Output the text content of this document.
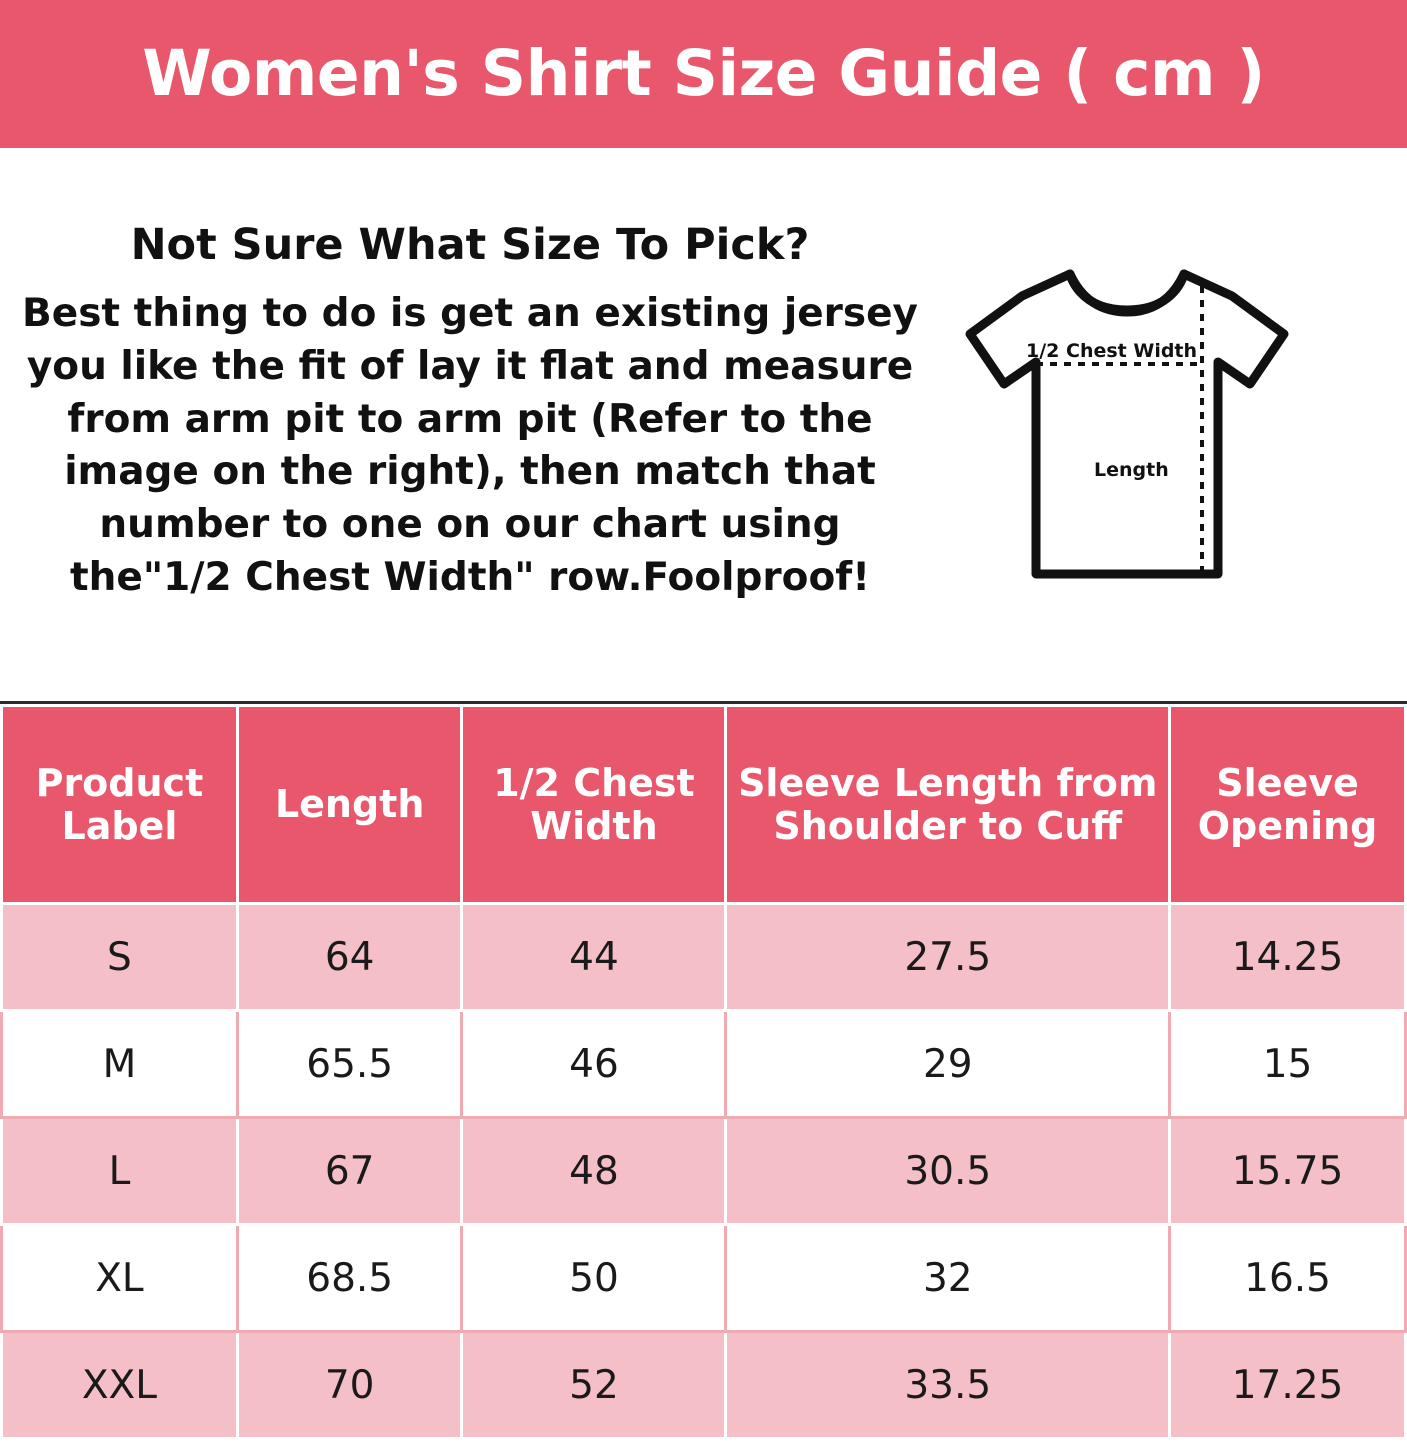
Women's Shirt Size Guide ( cm )
Not Sure What Size To Pick?
Best thing to do is get an existing jersey you like the fit of lay it flat and measure from arm pit to arm pit (Refer to the image on the right), then match that number to one on our chart using the"1/2 Chest Width" row.Foolproof!
1/2 Chest Width
Length
Product Label	Length	1/2 Chest Width	Sleeve Length from Shoulder to Cuff	Sleeve Opening
S	64	44	27.5	14.25
M	65.5	46	29	15
L	67	48	30.5	15.75
XL	68.5	50	32	16.5
XXL	70	52	33.5	17.25
